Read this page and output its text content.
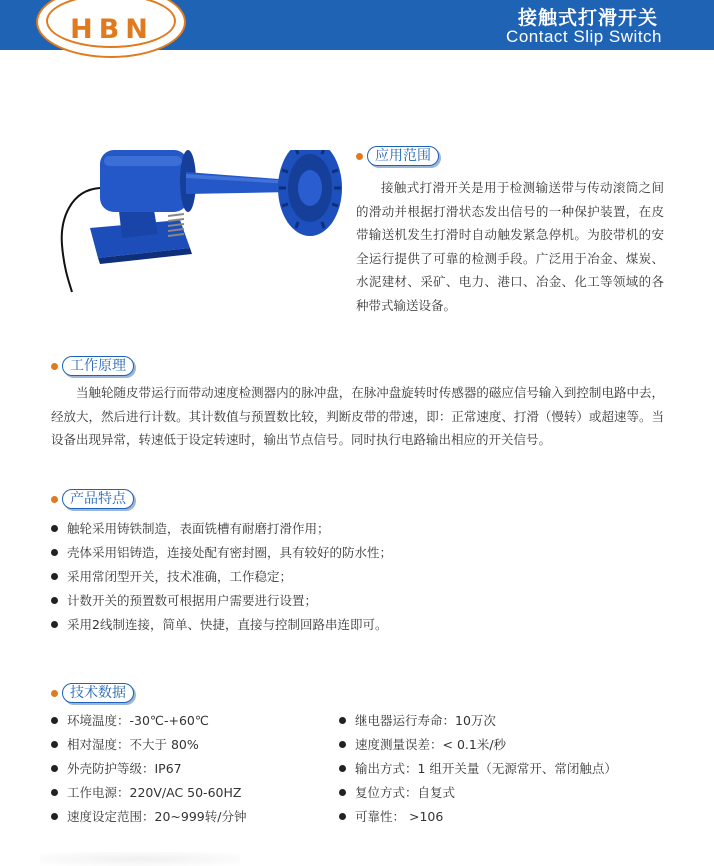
HBN	接触式打滑开关
Contact Slip Switch
应用范围
接触式打滑开关是用于检测输送带与传动滚筒之间的滑动并根据打滑状态发出信号的一种保护装置，在皮带输送机发生打滑时自动触发紧急停机。为胶带机的安全运行提供了可靠的检测手段。广泛用于冶金、煤炭、水泥建材、采矿、电力、港口、冶金、化工等领域的各种带式输送设备。
工作原理
当触轮随皮带运行而带动速度检测器内的脉冲盘，在脉冲盘旋转时传感器的磁应信号输入到控制电路中去，经放大，然后进行计数。其计数值与预置数比较，判断皮带的带速，即：正常速度、打滑（慢转）或超速等。当设备出现异常，转速低于设定转速时，输出节点信号。同时执行电路输出相应的开关信号。
产品特点
触轮采用铸铁制造，表面铣槽有耐磨打滑作用；
壳体采用铝铸造，连接处配有密封圈，具有较好的防水性；
采用常闭型开关，技术准确，工作稳定；
计数开关的预置数可根据用户需要进行设置；
采用2线制连接，简单、快捷，直接与控制回路串连即可。
技术数据
环境温度：-30℃-+60℃
相对湿度：不大于 80%
外壳防护等级：IP67
工作电源：220V/AC 50-60HZ
速度设定范围：20~999转/分钟
继电器运行寿命：10万次
速度测量误差：< 0.1米/秒
输出方式：1 组开关量（无源常开、常闭触点）
复位方式：自复式
可靠性： >106
